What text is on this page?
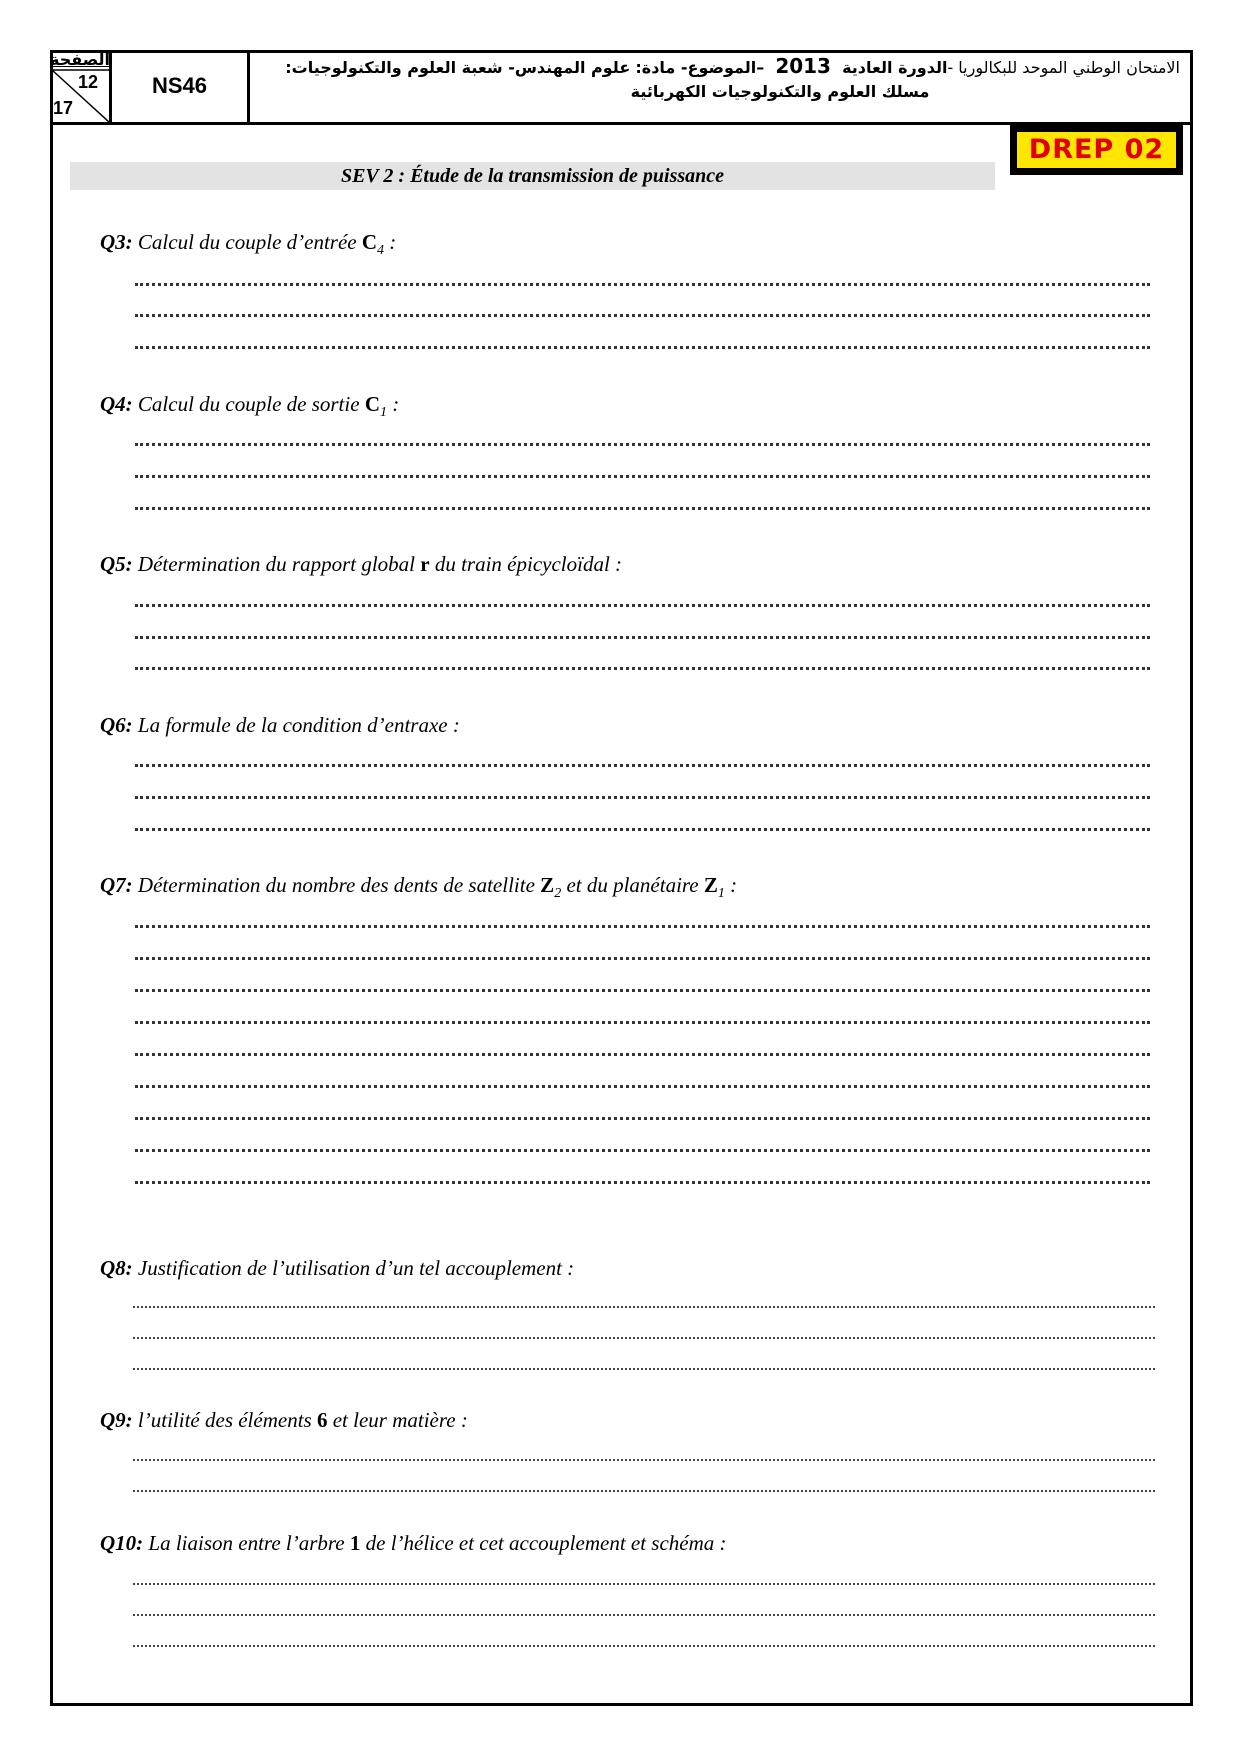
الصفحة
12
17
NS46
الامتحان الوطني الموحد للبكالوريا -الدورة العادية 2013 –الموضوع- مادة: علوم المهندس- شعبة العلوم والتكنولوجيات:
مسلك العلوم والتكنولوجيات الكهربائية
DREP 02
SEV 2 : Étude de la transmission de puissance
Q3: Calcul du couple d’entrée $C_4$ :
Q4: Calcul du couple de sortie $C_1$ :
Q5: Détermination du rapport global r du train épicycloïdal :
Q6: La formule de la condition d’entraxe :
Q7: Détermination du nombre des dents de satellite $Z_2$ et du planétaire $Z_1$ :
Q8: Justification de l’utilisation d’un tel accouplement :
Q9: l’utilité des éléments 6 et leur matière :
Q10: La liaison entre l’arbre 1 de l’hélice et cet accouplement et schéma :
